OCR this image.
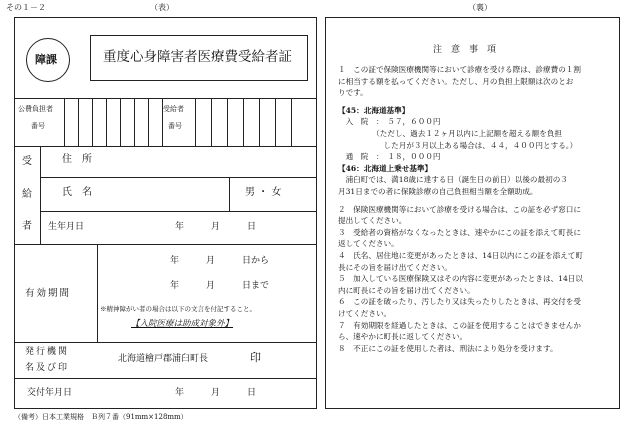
その１－２	（表）	（裏）
障課	重度心身障害者医療費受給者証
公費負担者
番号
受給者
番号
受
給
者
住　所
氏　名	男 ・ 女
生年月日	年　　　月　　　日
有効期間
年　　　月　　　日から
年　　　月　　　日まで
※精神障がい者の場合は以下の文言を付記すること。
【入院医療は助成対象外】
発行機関
名及び印
北海道檜戸郡浦臼町長	印
交付年月日	年　　　月　　　日
（備考）日本工業規格　Ｂ列７番（91mm×128mm）
注　意　事　項
１　この証で保険医療機関等において診療を受ける際は、診療費の１割
に相当する額を払ってください。ただし、月の負担上限額は次のとお
りです。
【45：北海道基準】
　入　院　：　５７，６００円
　　　　　（ただし、過去１２ヶ月以内に上記額を超える額を負担
　　　　　　した月が３月以上ある場合は、４４，４００円とする。）
　通　院　：　１８，０００円
【46：北海道上乗せ基準】
　浦臼町では、満18歳に達する日（誕生日の前日）以後の最初の３
月31日までの者に保険診療の自己負担相当額を全額助成。
２　保険医療機関等において診療を受ける場合は、この証を必ず窓口に
提出してください。
３　受給者の資格がなくなったときは、速やかにこの証を添えて町長に
返してください。
４　氏名、居住地に変更があったときは、14日以内にこの証を添えて町
長にその旨を届け出てください。
５　加入している医療保険又はその内容に変更があったときは、14日以
内に町長にその旨を届け出てください。
６　この証を破ったり、汚したり又は失ったりしたときは、再交付を受
けてください。
７　有効期限を経過したときは、この証を使用することはできませんか
ら、速やかに町長に返してください。
８　不正にこの証を使用した者は、刑法により処分を受けます。
